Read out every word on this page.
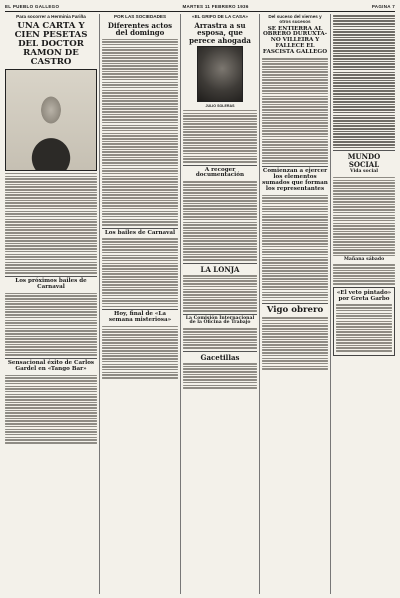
EL PUEBLO GALLEGO	MARTES 11 FEBRERO 1936	PAGINA 7
Para socorrer a Herminia Fariña
UNA CARTA Y CIEN PESETAS DEL DOCTOR RAMON DE CASTRO
Los próximos bailes de Carnaval
Sensacional éxito de Carlos Gardel en «Tango Bar»
POR LAS SOCIEDADES
Diferentes actos del domingo
Los bailes de Carnaval
Hoy, final de «La semana misteriosa»
«EL GRIFO DE LA CASA»
Arrastra a su esposa, que perece ahogada
JULIO SOLERAS
A recoger documentación
LA LONJA
La Comisión Internacional de la Oficina de Trabajo
Gacetillas
Del suceso del viernes y otros sucesos
SE ENTIERRA AL OBRERO DURUXTA-NO VILLEIRA Y FALLECE EL FASCISTA GALLEGO
Comienzan a ejercer los elementos sumados que forman los representantes
Vigo obrero
MUNDO SOCIAL
Vida social
Mañana sábado
«El veto pintado» por Greta Garbo
